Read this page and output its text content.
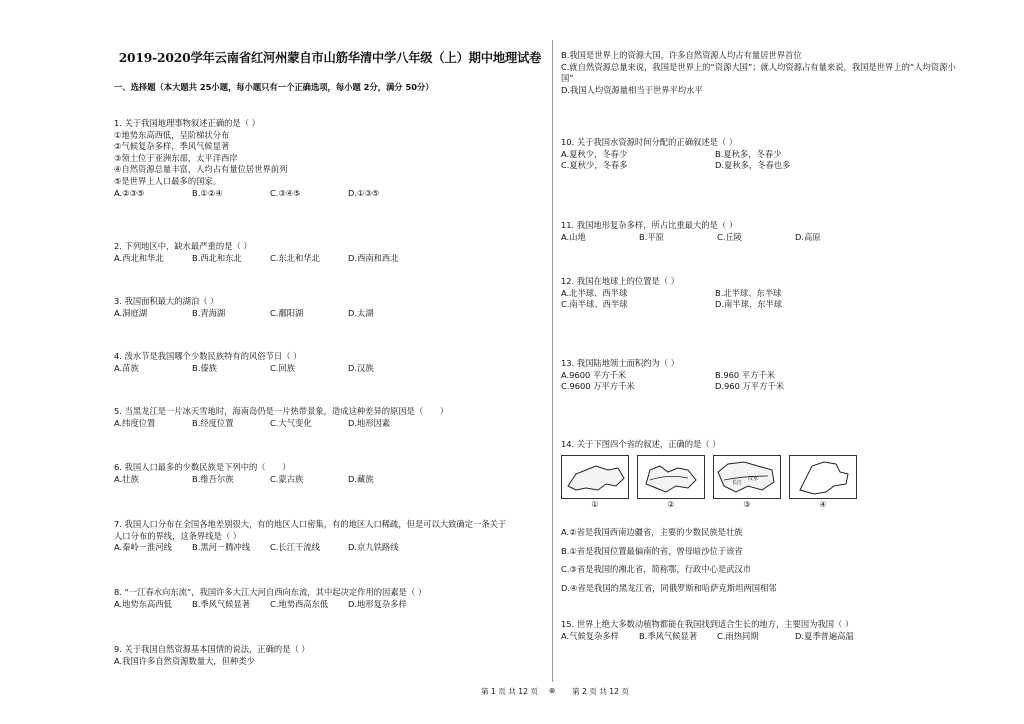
2019-2020学年云南省红河州蒙自市山筋华清中学八年级（上）期中地理试卷
一、选择题（本大题共 25小题，每小题只有一个正确选项，每小题 2分，满分 50分）
1. 关于我国地理事物叙述正确的是（ ）
①地势东高西低，呈阶梯状分布
②气候复杂多样，季风气候显著
③领土位于亚洲东部，太平洋西岸
④自然资源总量丰富，人均占有量位居世界前列
⑤是世界上人口最多的国家。
A.②③⑤	B.①②④	C.③④⑤	D.①③⑤
2. 下列地区中，缺水最严重的是（ ）
A.西北和华北	B.西北和东北	C.东北和华北	D.西南和西北
3. 我国面积最大的湖泊（ ）
A.洞庭湖	B.青海湖	C.鄱阳湖	D.太湖
4. 泼水节是我国哪个少数民族特有的风俗节日（ ）
A.苗族	B.傣族	C.回族	D.汉族
5. 当黑龙江是一片冰天雪地时，海南岛仍是一片热带景象，造成这种差异的原因是（　　）
A.纬度位置	B.经度位置	C.大气变化	D.地形因素
6. 我国人口最多的少数民族是下列中的（　　）
A.壮族	B.维吾尔族	C.蒙古族	D.藏族
7. 我国人口分布在全国各地差别很大，有的地区人口密集，有的地区人口稀疏，但是可以大致确定一条关于
人口分布的界线，这条界线是（ ）
A.秦岭－淮河线	B.黑河－腾冲线	C.长江干流线	D.京九铁路线
8. “一江春水向东流”，我国许多大江大河自西向东流，其中起决定作用的因素是（ ）
A.地势东高西低	B.季风气候显著	C.地势西高东低	D.地形复杂多样
9. 关于我国自然资源基本国情的说法，正确的是（ ）
A.我国许多自然资源数量大，但种类少
B.我国是世界上的资源大国，许多自然资源人均占有量居世界首位
C.就自然资源总量来说，我国是世界上的“资源大国”；就人均资源占有量来说，我国是世界上的“人均资源小
国”
D.我国人均资源量相当于世界平均水平
10. 关于我国水资源时间分配的正确叙述是（ ）
A.夏秋少，冬春少	B.夏秋多，冬春少
C.夏秋少，冬春多	D.夏秋多，冬春也多
11. 我国地形复杂多样，所占比重最大的是（ ）
A.山地	B.平原	C.丘陵	D.高原
12. 我国在地球上的位置是（ ）
A.北半球、西半球	B.北半球、东半球
C.南半球、西半球	D.南半球、东半球
13. 我国陆地领土面积约为（ ）
A.9600 平方千米	B.960 平方千米
C.9600 万平方千米	D.960 万平方千米
14. 关于下图四个省的叙述，正确的是（ ）
①	②
长江
汉水
③	④
A.②省是我国西南边疆省，主要的少数民族是壮族
B.①省是我国位置最偏南的省，曾母暗沙位于该省
C.③省是我国的湘北省，简称鄂，行政中心是武汉市
D.④省是我国的黑龙江省，同俄罗斯和哈萨克斯坦两国相邻
15. 世界上绝大多数动植物都能在我国找到适合生长的地方，主要因为我国（ ）
A.气候复杂多样	B.季风气候显著	C.雨热同期	D.夏季普遍高温
第 1 页 共 12 页 ⊗ 第 2 页 共 12 页
